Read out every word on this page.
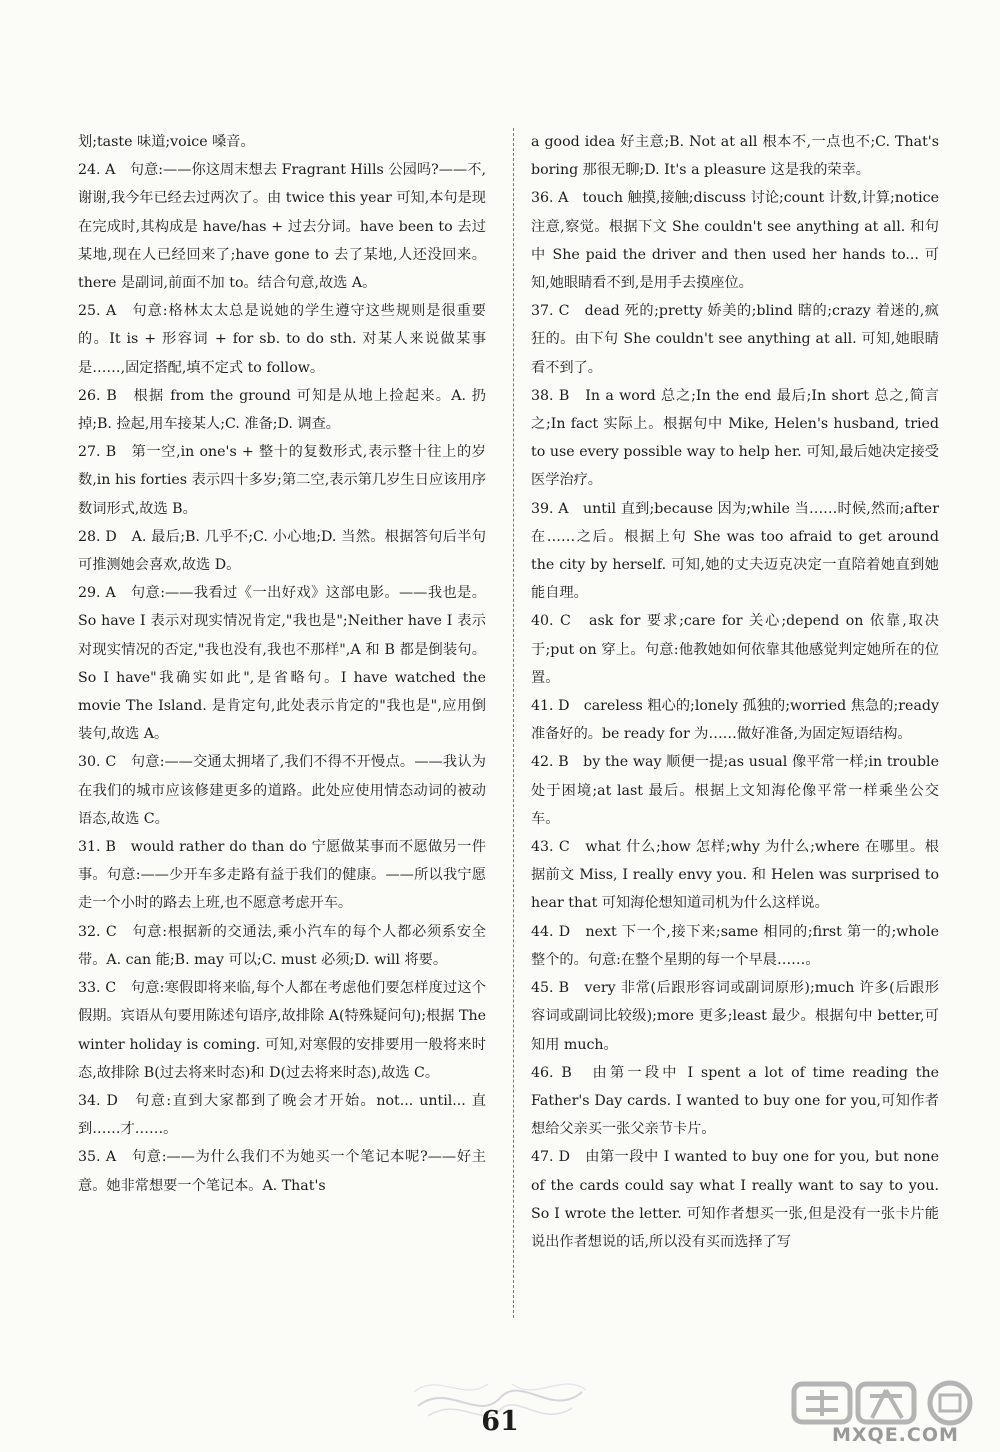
划;taste 味道;voice 嗓音。

24. A　句意:——你这周末想去 Fragrant Hills 公园吗?——不,谢谢,我今年已经去过两次了。由 twice this year 可知,本句是现在完成时,其构成是 have/has + 过去分词。have been to 去过某地,现在人已经回来了;have gone to 去了某地,人还没回来。there 是副词,前面不加 to。结合句意,故选 A。

25. A　句意:格林太太总是说她的学生遵守这些规则是很重要的。It is + 形容词 + for sb. to do sth. 对某人来说做某事是……,固定搭配,填不定式 to follow。

26. B　根据 from the ground 可知是从地上捡起来。A. 扔掉;B. 捡起,用车接某人;C. 准备;D. 调查。

27. B　第一空,in one's + 整十的复数形式,表示整十往上的岁数,in his forties 表示四十多岁;第二空,表示第几岁生日应该用序数词形式,故选 B。

28. D　A. 最后;B. 几乎不;C. 小心地;D. 当然。根据答句后半句可推测她会喜欢,故选 D。

29. A　句意:——我看过《一出好戏》这部电影。——我也是。So have I 表示对现实情况肯定,"我也是";Neither have I 表示对现实情况的否定,"我也没有,我也不那样",A 和 B 都是倒装句。So I have"我确实如此",是省略句。I have watched the movie The Island. 是肯定句,此处表示肯定的"我也是",应用倒装句,故选 A。

30. C　句意:——交通太拥堵了,我们不得不开慢点。——我认为在我们的城市应该修建更多的道路。此处应使用情态动词的被动语态,故选 C。

31. B　would rather do than do 宁愿做某事而不愿做另一件事。句意:——少开车多走路有益于我们的健康。——所以我宁愿走一个小时的路去上班,也不愿意考虑开车。

32. C　句意:根据新的交通法,乘小汽车的每个人都必须系安全带。A. can 能;B. may 可以;C. must 必须;D. will 将要。

33. C　句意:寒假即将来临,每个人都在考虑他们要怎样度过这个假期。宾语从句要用陈述句语序,故排除 A(特殊疑问句);根据 The winter holiday is coming. 可知,对寒假的安排要用一般将来时态,故排除 B(过去将来时态)和 D(过去将来时态),故选 C。

34. D　句意:直到大家都到了晚会才开始。not... until... 直到……才……。

35. A　句意:——为什么我们不为她买一个笔记本呢?——好主意。她非常想要一个笔记本。A. That's

a good idea 好主意;B. Not at all 根本不,一点也不;C. That's boring 那很无聊;D. It's a pleasure 这是我的荣幸。

36. A　touch 触摸,接触;discuss 讨论;count 计数,计算;notice 注意,察觉。根据下文 She couldn't see anything at all. 和句中 She paid the driver and then used her hands to... 可知,她眼睛看不到,是用手去摸座位。

37. C　dead 死的;pretty 娇美的;blind 瞎的;crazy 着迷的,疯狂的。由下句 She couldn't see anything at all. 可知,她眼睛看不到了。

38. B　In a word 总之;In the end 最后;In short 总之,简言之;In fact 实际上。根据句中 Mike, Helen's husband, tried to use every possible way to help her. 可知,最后她决定接受医学治疗。

39. A　until 直到;because 因为;while 当……时候,然而;after 在……之后。根据上句 She was too afraid to get around the city by herself. 可知,她的丈夫迈克决定一直陪着她直到她能自理。

40. C　ask for 要求;care for 关心;depend on 依靠,取决于;put on 穿上。句意:他教她如何依靠其他感觉判定她所在的位置。

41. D　careless 粗心的;lonely 孤独的;worried 焦急的;ready 准备好的。be ready for 为……做好准备,为固定短语结构。

42. B　by the way 顺便一提;as usual 像平常一样;in trouble 处于困境;at last 最后。根据上文知海伦像平常一样乘坐公交车。

43. C　what 什么;how 怎样;why 为什么;where 在哪里。根据前文 Miss, I really envy you. 和 Helen was surprised to hear that 可知海伦想知道司机为什么这样说。

44. D　next 下一个,接下来;same 相同的;first 第一的;whole 整个的。句意:在整个星期的每一个早晨……。

45. B　very 非常(后跟形容词或副词原形);much 许多(后跟形容词或副词比较级);more 更多;least 最少。根据句中 better,可知用 much。

46. B　由第一段中 I spent a lot of time reading the Father's Day cards. I wanted to buy one for you,可知作者想给父亲买一张父亲节卡片。

47. D　由第一段中 I wanted to buy one for you, but none of the cards could say what I really want to say to you. So I wrote the letter. 可知作者想买一张,但是没有一张卡片能说出作者想说的话,所以没有买而选择了写

61	MXQE.COM
